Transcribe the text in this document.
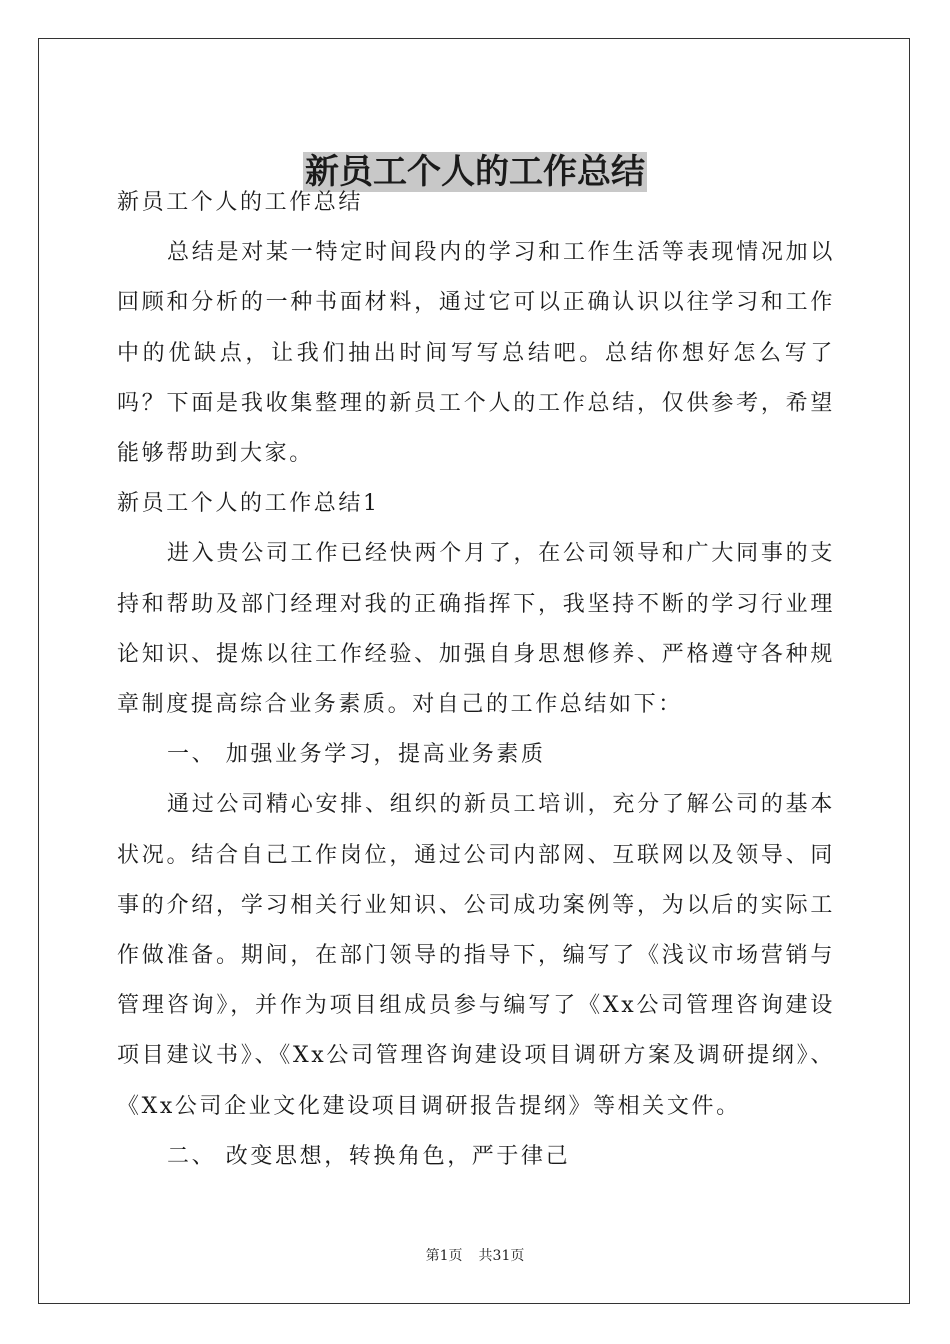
新员工个人的工作总结

新员工个人的工作总结

总结是对某一特定时间段内的学习和工作生活等表现情况加以回顾和分析的一种书面材料，通过它可以正确认识以往学习和工作中的优缺点，让我们抽出时间写写总结吧。总结你想好怎么写了吗？下面是我收集整理的新员工个人的工作总结，仅供参考，希望能够帮助到大家。

新员工个人的工作总结1

进入贵公司工作已经快两个月了，在公司领导和广大同事的支持和帮助及部门经理对我的正确指挥下，我坚持不断的学习行业理论知识、提炼以往工作经验、加强自身思想修养、严格遵守各种规章制度提高综合业务素质。对自己的工作总结如下：

一、 加强业务学习，提高业务素质

通过公司精心安排、组织的新员工培训，充分了解公司的基本状况。结合自己工作岗位，通过公司内部网、互联网以及领导、同事的介绍，学习相关行业知识、公司成功案例等，为以后的实际工作做准备。期间，在部门领导的指导下，编写了《浅议市场营销与管理咨询》，并作为项目组成员参与编写了《Xx公司管理咨询建设项目建议书》、《Xx公司管理咨询建设项目调研方案及调研提纲》、《Xx公司企业文化建设项目调研报告提纲》等相关文件。

二、 改变思想，转换角色，严于律己

第1页 共31页
